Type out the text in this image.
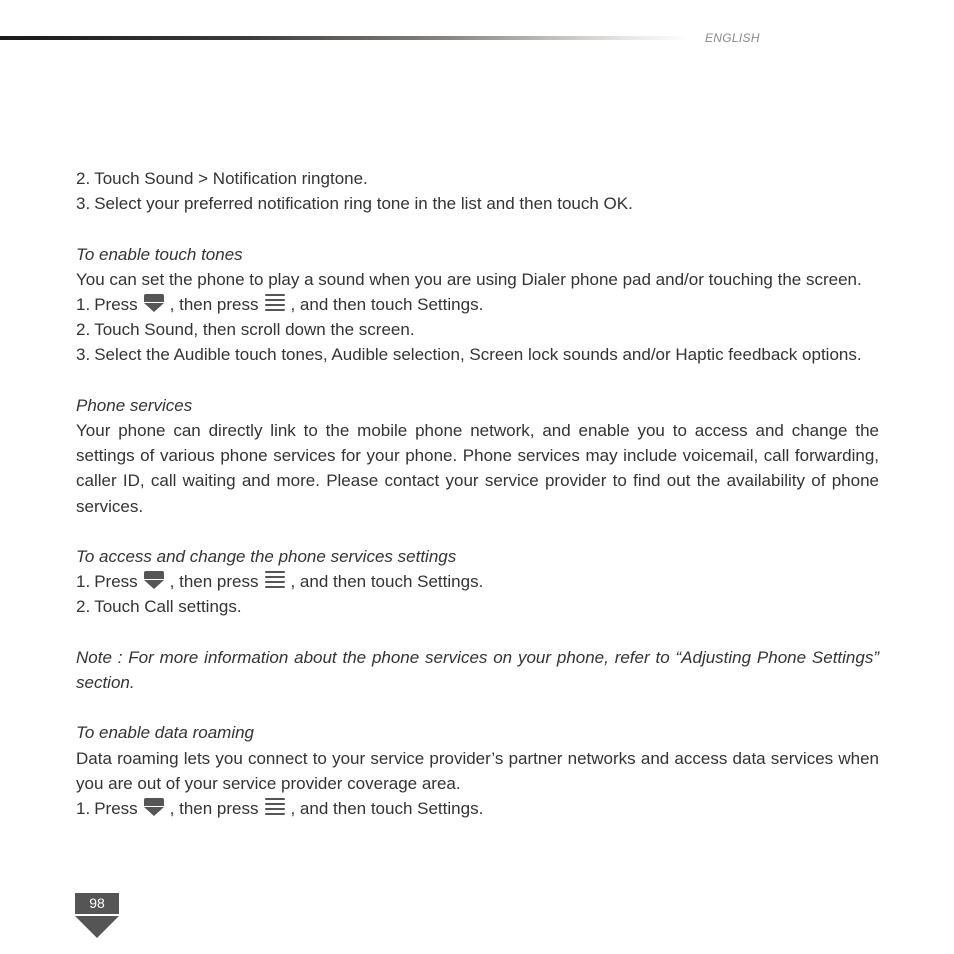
ENGLISH
2. Touch Sound > Notification ringtone.
3. Select your preferred notification ring tone in the list and then touch OK.
To enable touch tones
You can set the phone to play a sound when you are using Dialer phone pad and/or touching the screen.
1. Press , then press , and then touch Settings.
2. Touch Sound, then scroll down the screen.
3. Select the Audible touch tones, Audible selection, Screen lock sounds and/or Haptic feedback options.
Phone services
Your phone can directly link to the mobile phone network, and enable you to access and change the settings of various phone services for your phone. Phone services may include voicemail, call forwarding, caller ID, call waiting and more. Please contact your service provider to find out the availability of phone services.
To access and change the phone services settings
1. Press , then press , and then touch Settings.
2. Touch Call settings.
Note : For more information about the phone services on your phone, refer to “Adjusting Phone Settings” section.
To enable data roaming
Data roaming lets you connect to your service provider’s partner networks and access data services when you are out of your service provider coverage area.
1. Press , then press , and then touch Settings.
98
